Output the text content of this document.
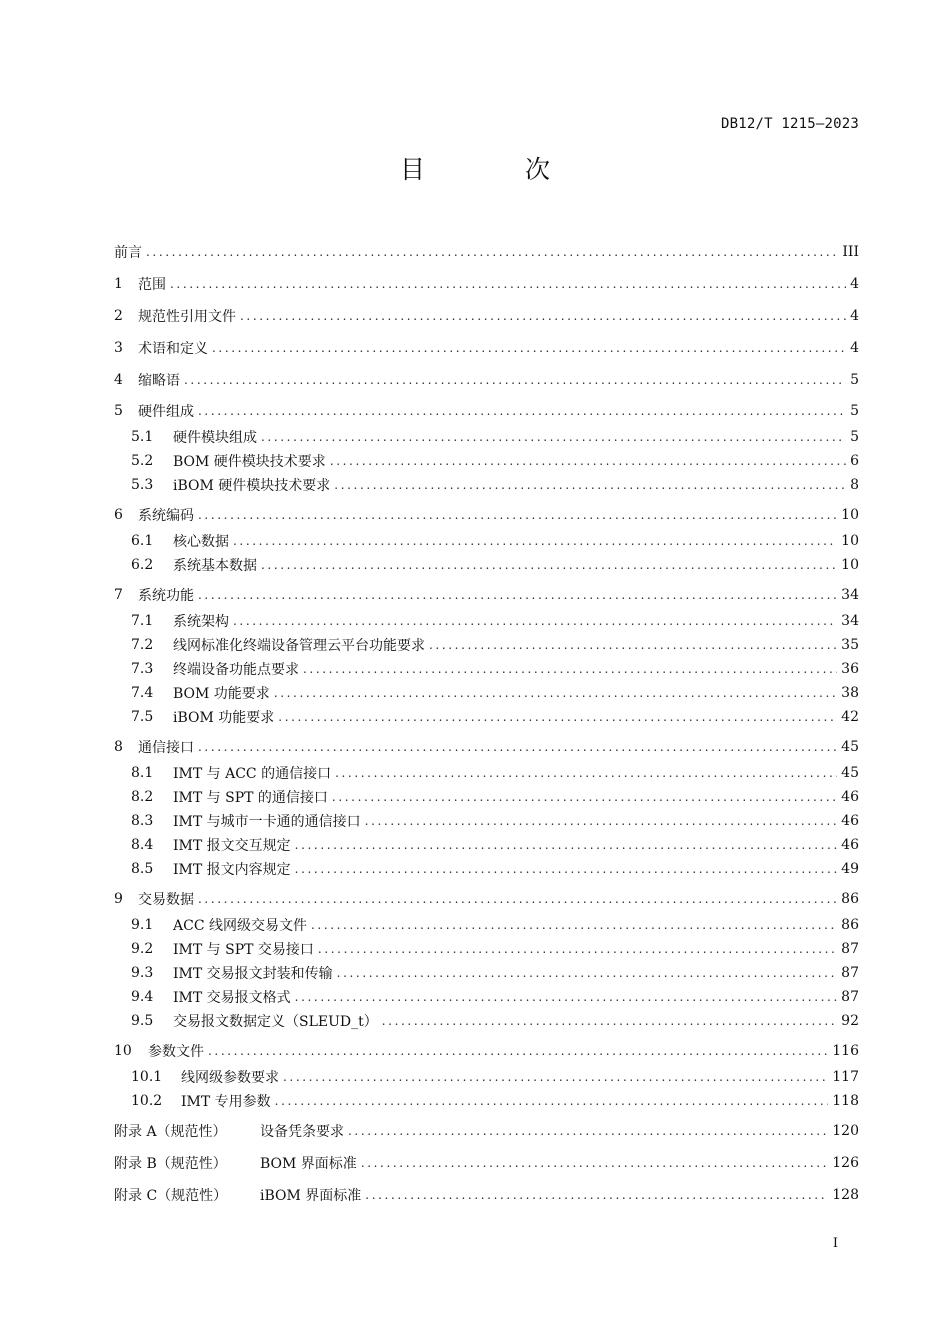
DB12/T 1215—2023
目 次
前言 .....	III
1	范围 .....	4
2	规范性引用文件 .....	4
3	术语和定义 .....	4
4	缩略语 .....	5
5	硬件组成 .....	5
5.1	硬件模块组成 .....	5
5.2	BOM 硬件模块技术要求 .....	6
5.3	iBOM 硬件模块技术要求 .....	8
6	系统编码 .....	10
6.1	核心数据 .....	10
6.2	系统基本数据 .....	10
7	系统功能 .....	34
7.1	系统架构 .....	34
7.2	线网标准化终端设备管理云平台功能要求 .....	35
7.3	终端设备功能点要求 .....	36
7.4	BOM 功能要求 .....	38
7.5	iBOM 功能要求 .....	42
8	通信接口 .....	45
8.1	IMT 与 ACC 的通信接口 .....	45
8.2	IMT 与 SPT 的通信接口 .....	46
8.3	IMT 与城市一卡通的通信接口 .....	46
8.4	IMT 报文交互规定 .....	46
8.5	IMT 报文内容规定 .....	49
9	交易数据 .....	86
9.1	ACC 线网级交易文件 .....	86
9.2	IMT 与 SPT 交易接口 .....	87
9.3	IMT 交易报文封装和传输 .....	87
9.4	IMT 交易报文格式 .....	87
9.5	交易报文数据定义（SLEUD_t） .....	92
10	参数文件 .....	116
10.1	线网级参数要求 .....	117
10.2	IMT 专用参数 .....	118
附录 A（规范性）	设备凭条要求 .....	120
附录 B（规范性）	BOM 界面标准 .....	126
附录 C（规范性）	iBOM 界面标准 .....	128
I
